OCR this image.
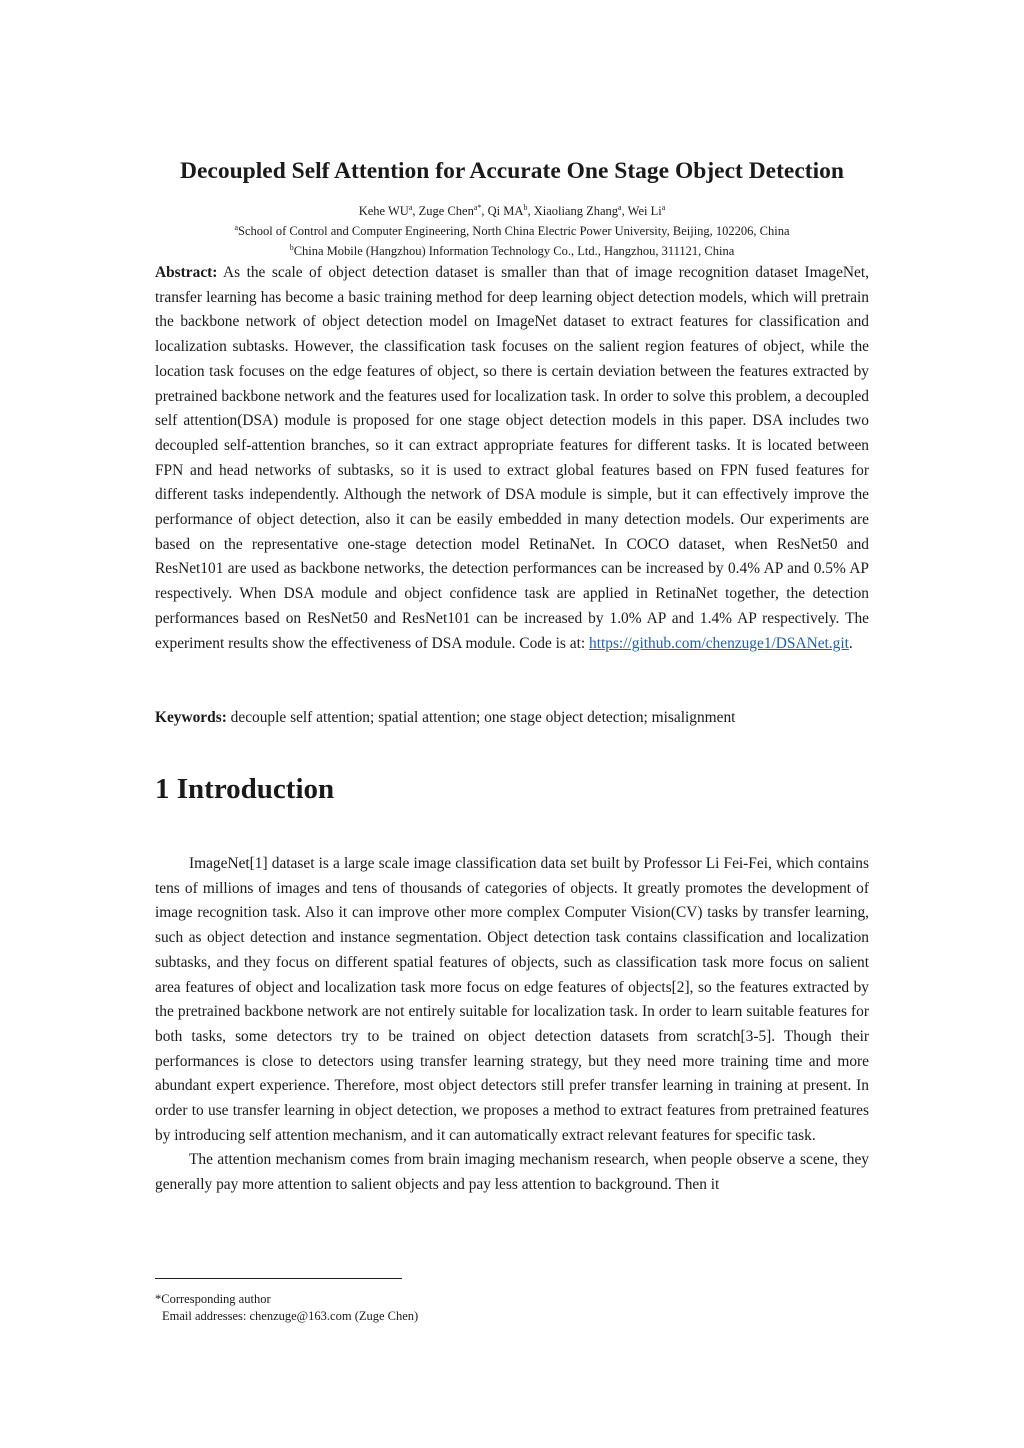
Decoupled Self Attention for Accurate One Stage Object Detection
Kehe $WU^a$, Zuge Chen$^{a*}$, Qi $MA^b$, Xiaoliang Zhang$^a$, Wei Li$^a$
$^a$School of Control and Computer Engineering, North China Electric Power University, Beijing, 102206, China
$^b$China Mobile (Hangzhou) Information Technology Co., Ltd., Hangzhou, 311121, China
Abstract: As the scale of object detection dataset is smaller than that of image recognition dataset ImageNet, transfer learning has become a basic training method for deep learning object detection models, which will pretrain the backbone network of object detection model on ImageNet dataset to extract features for classification and localization subtasks. However, the classification task focuses on the salient region features of object, while the location task focuses on the edge features of object, so there is certain deviation between the features extracted by pretrained backbone network and the features used for localization task. In order to solve this problem, a decoupled self attention(DSA) module is proposed for one stage object detection models in this paper. DSA includes two decoupled self-attention branches, so it can extract appropriate features for different tasks. It is located between FPN and head networks of subtasks, so it is used to extract global features based on FPN fused features for different tasks independently. Although the network of DSA module is simple, but it can effectively improve the performance of object detection, also it can be easily embedded in many detection models. Our experiments are based on the representative one-stage detection model RetinaNet. In COCO dataset, when ResNet50 and ResNet101 are used as backbone networks, the detection performances can be increased by 0.4% AP and 0.5% AP respectively. When DSA module and object confidence task are applied in RetinaNet together, the detection performances based on ResNet50 and ResNet101 can be increased by 1.0% AP and 1.4% AP respectively. The experiment results show the effectiveness of DSA module. Code is at: https://github.com/chenzuge1/DSANet.git.
Keywords: decouple self attention; spatial attention; one stage object detection; misalignment
1 Introduction

ImageNet[1] dataset is a large scale image classification data set built by Professor Li Fei-Fei, which contains tens of millions of images and tens of thousands of categories of objects. It greatly promotes the development of image recognition task. Also it can improve other more complex Computer Vision(CV) tasks by transfer learning, such as object detection and instance segmentation. Object detection task contains classification and localization subtasks, and they focus on different spatial features of objects, such as classification task more focus on salient area features of object and localization task more focus on edge features of objects[2], so the features extracted by the pretrained backbone network are not entirely suitable for localization task. In order to learn suitable features for both tasks, some detectors try to be trained on object detection datasets from scratch[3-5]. Though their performances is close to detectors using transfer learning strategy, but they need more training time and more abundant expert experience. Therefore, most object detectors still prefer transfer learning in training at present. In order to use transfer learning in object detection, we proposes a method to extract features from pretrained features by introducing self attention mechanism, and it can automatically extract relevant features for specific task.

The attention mechanism comes from brain imaging mechanism research, when people observe a scene, they generally pay more attention to salient objects and pay less attention to background. Then it

*Corresponding author
Email addresses: chenzuge@163.com (Zuge Chen)
